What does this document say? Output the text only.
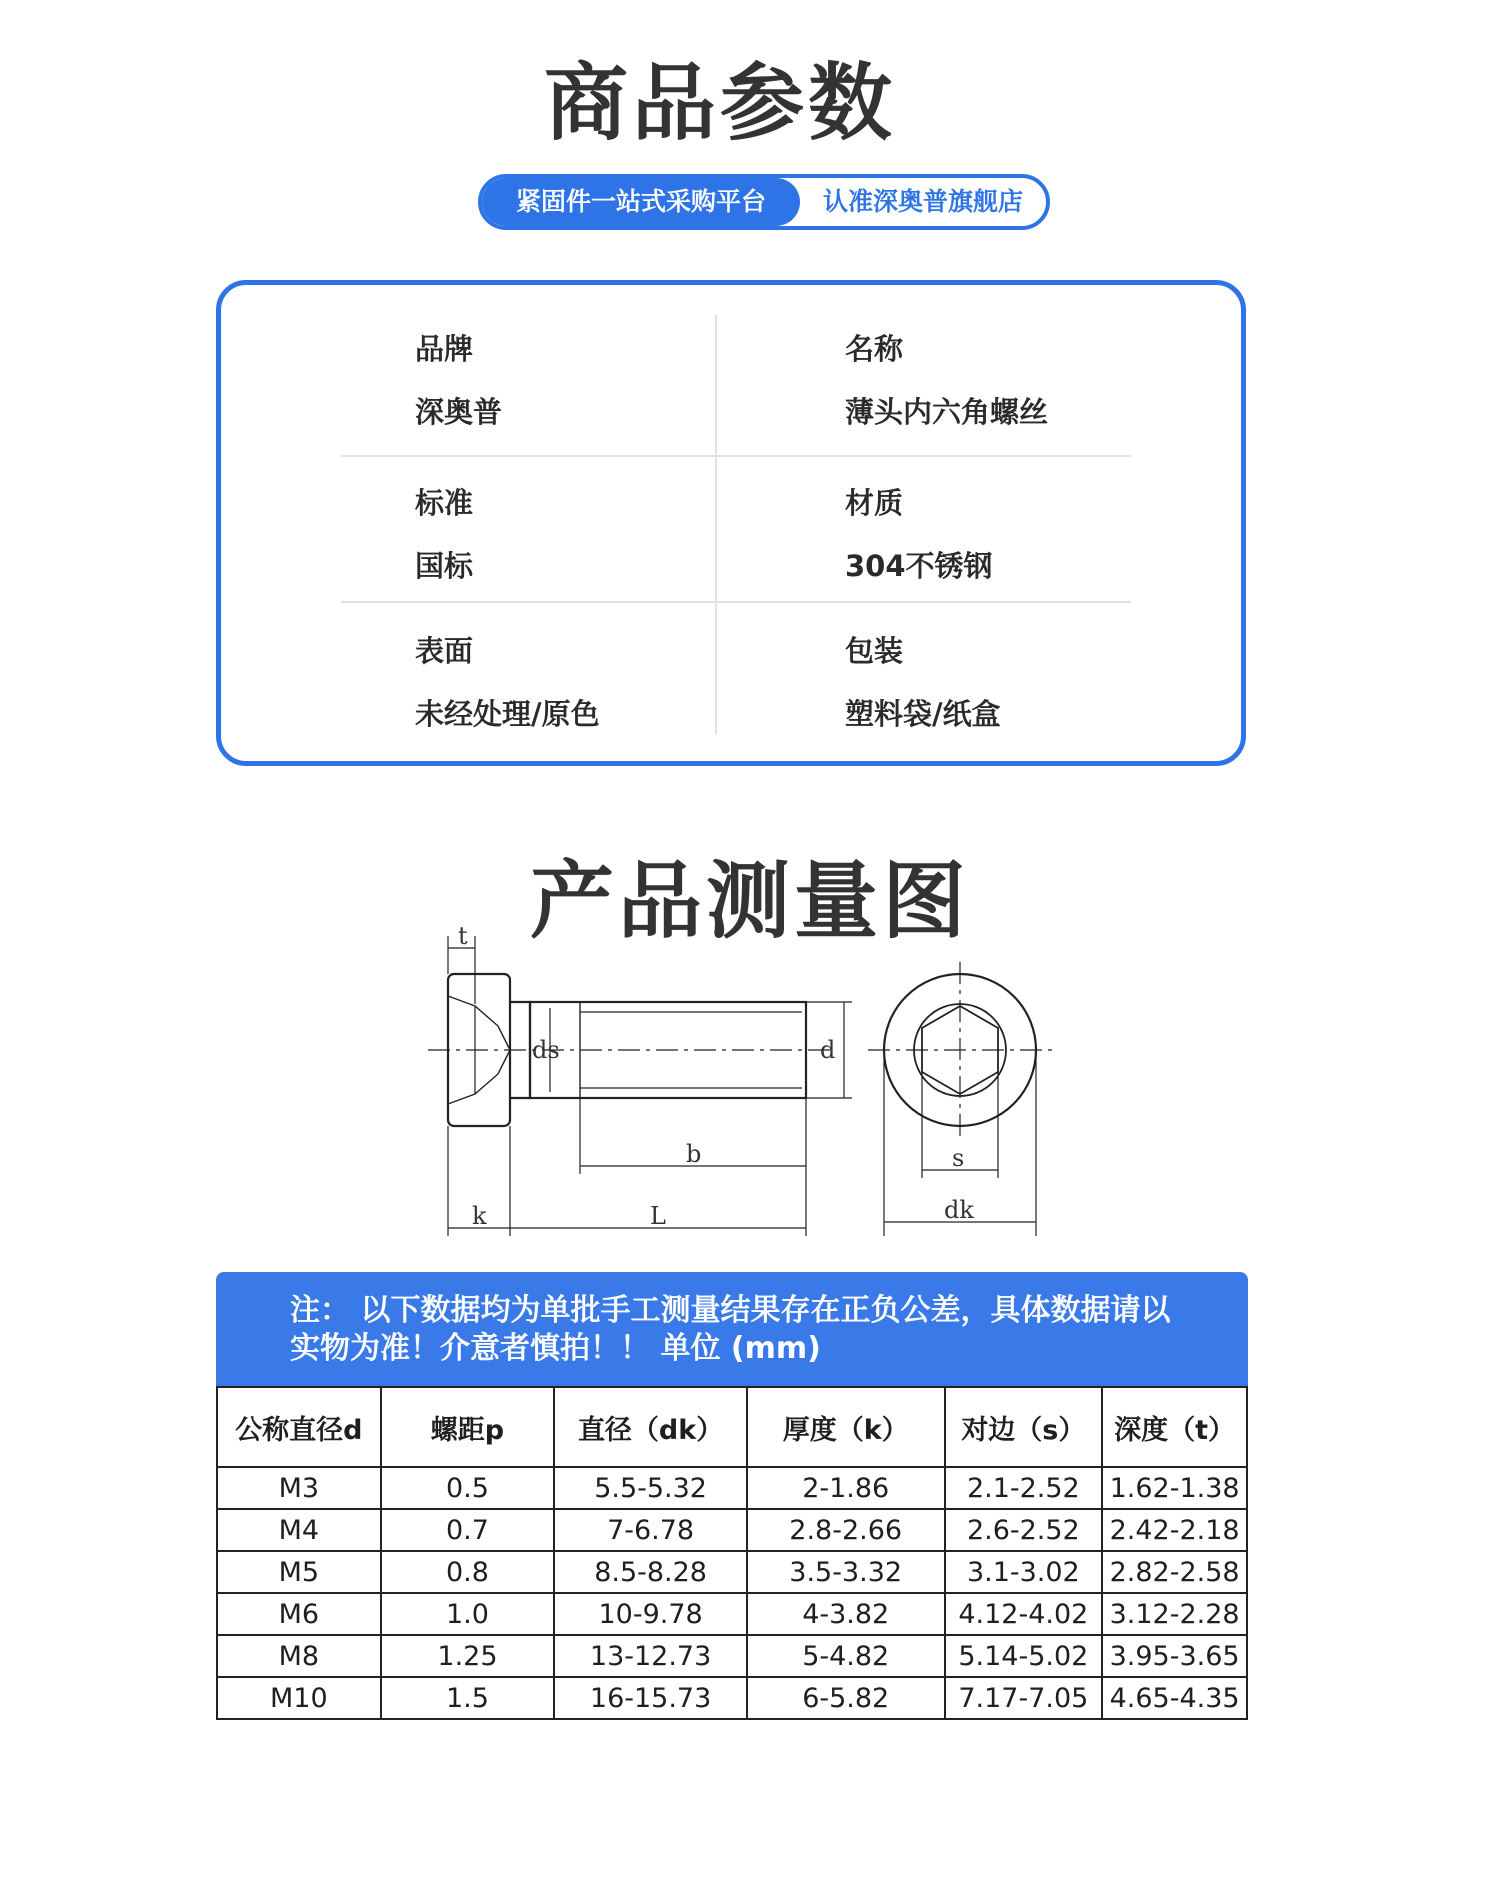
商品参数
紧固件一站式采购平台	认准深奥普旗舰店
品牌
深奥普
名称
薄头内六角螺丝
标准
国标
材质
304不锈钢
表面
未经处理/原色
包装
塑料袋/纸盒
产品测量图
t
ds	d
b
k	L
s
dk
注： 以下数据均为单批手工测量结果存在正负公差，具体数据请以
实物为准！介意者慎拍！！ 单位 (mm)
公称直径d	螺距p	直径（dk）	厚度（k）	对边（s）	深度（t）
M3	0.5	5.5-5.32	2-1.86	2.1-2.52	1.62-1.38
M4	0.7	7-6.78	2.8-2.66	2.6-2.52	2.42-2.18
M5	0.8	8.5-8.28	3.5-3.32	3.1-3.02	2.82-2.58
M6	1.0	10-9.78	4-3.82	4.12-4.02	3.12-2.28
M8	1.25	13-12.73	5-4.82	5.14-5.02	3.95-3.65
M10	1.5	16-15.73	6-5.82	7.17-7.05	4.65-4.35
